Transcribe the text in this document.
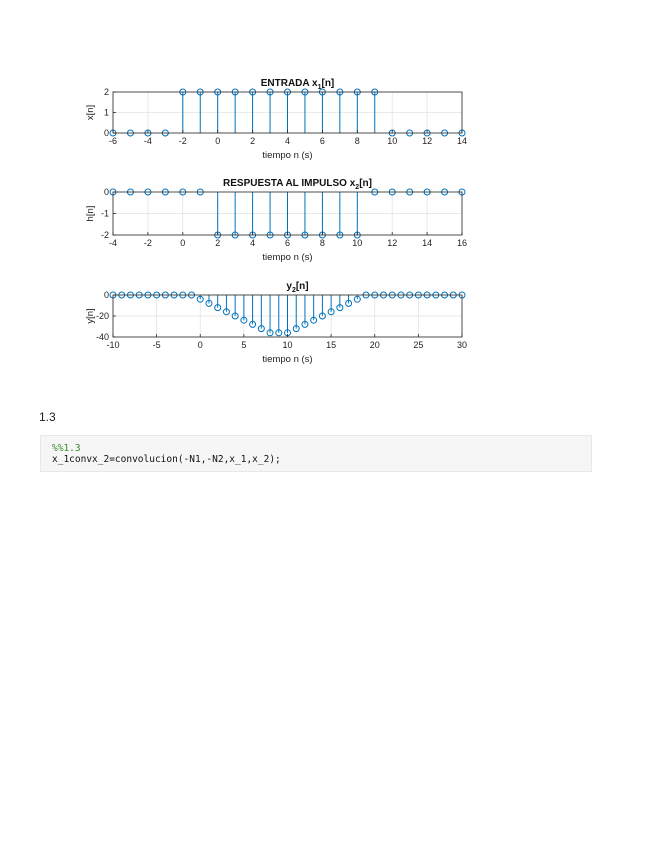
-6	-4	-2	0	2	4	6	8	10	12	14
0
1
2
ENTRADA $x_1[n]$
tiempo n (s)
x[n]
-4	-2	0	2	4	6	8	10	12	14	16
0
-1
-2
RESPUESTA AL IMPULSO $x_2[n]$
tiempo n (s)
h[n]
-10	-5	0	5	10	15	20	25	30
0
-20
-40
$y_2[n]$
tiempo n (s)
y[n]
1.3
%%1.3
x_1convx_2=convolucion(-N1,-N2,x_1,x_2);
